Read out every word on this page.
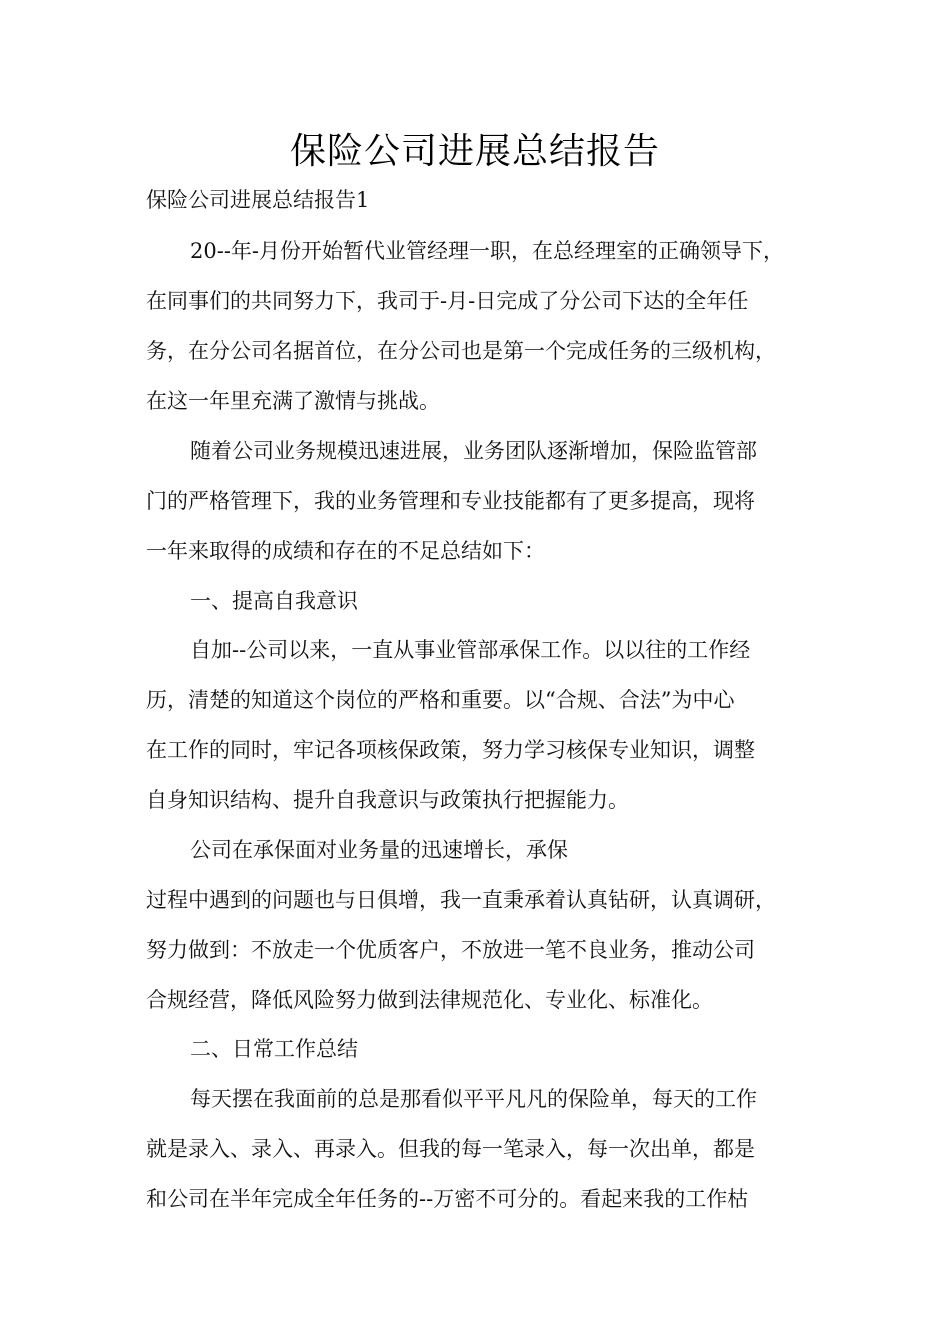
保险公司进展总结报告
保险公司进展总结报告1
20--年-月份开始暂代业管经理一职，在总经理室的正确领导下，
在同事们的共同努力下，我司于-月-日完成了分公司下达的全年任
务，在分公司名据首位，在分公司也是第一个完成任务的三级机构，
在这一年里充满了激情与挑战。
随着公司业务规模迅速进展，业务团队逐渐增加，保险监管部
门的严格管理下，我的业务管理和专业技能都有了更多提高，现将
一年来取得的成绩和存在的不足总结如下：
一、提高自我意识
自加--公司以来，一直从事业管部承保工作。以以往的工作经
历，清楚的知道这个岗位的严格和重要。以“合规、合法”为中心
在工作的同时，牢记各项核保政策，努力学习核保专业知识，调整
自身知识结构、提升自我意识与政策执行把握能力。
公司在承保面对业务量的迅速增长，承保
过程中遇到的问题也与日俱增，我一直秉承着认真钻研，认真调研，
努力做到：不放走一个优质客户，不放进一笔不良业务，推动公司
合规经营，降低风险努力做到法律规范化、专业化、标准化。
二、日常工作总结
每天摆在我面前的总是那看似平平凡凡的保险单，每天的工作
就是录入、录入、再录入。但我的每一笔录入，每一次出单，都是
和公司在半年完成全年任务的--万密不可分的。看起来我的工作枯
